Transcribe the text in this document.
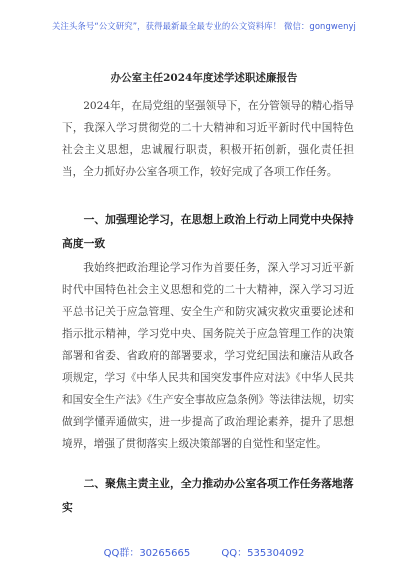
关注头条号“公文研究”，获得最新最全最专业的公文资料库！ 微信：gongwenyj
办公室主任2024年度述学述职述廉报告
2024年，在局党组的坚强领导下，在分管领导的精心指导下，我深入学习贯彻党的二十大精神和习近平新时代中国特色社会主义思想，忠诚履行职责，积极开拓创新，强化责任担当，全力抓好办公室各项工作，较好完成了各项工作任务。
一、加强理论学习，在思想上政治上行动上同党中央保持高度一致
我始终把政治理论学习作为首要任务，深入学习习近平新时代中国特色社会主义思想和党的二十大精神，深入学习习近平总书记关于应急管理、安全生产和防灾减灾救灾重要论述和指示批示精神，学习党中央、国务院关于应急管理工作的决策部署和省委、省政府的部署要求，学习党纪国法和廉洁从政各项规定，学习《中华人民共和国突发事件应对法》《中华人民共和国安全生产法》《生产安全事故应急条例》等法律法规，切实做到学懂弄通做实，进一步提高了政治理论素养，提升了思想境界，增强了贯彻落实上级决策部署的自觉性和坚定性。
二、聚焦主责主业，全力推动办公室各项工作任务落地落实
QQ群：30265665	QQ：535304092
